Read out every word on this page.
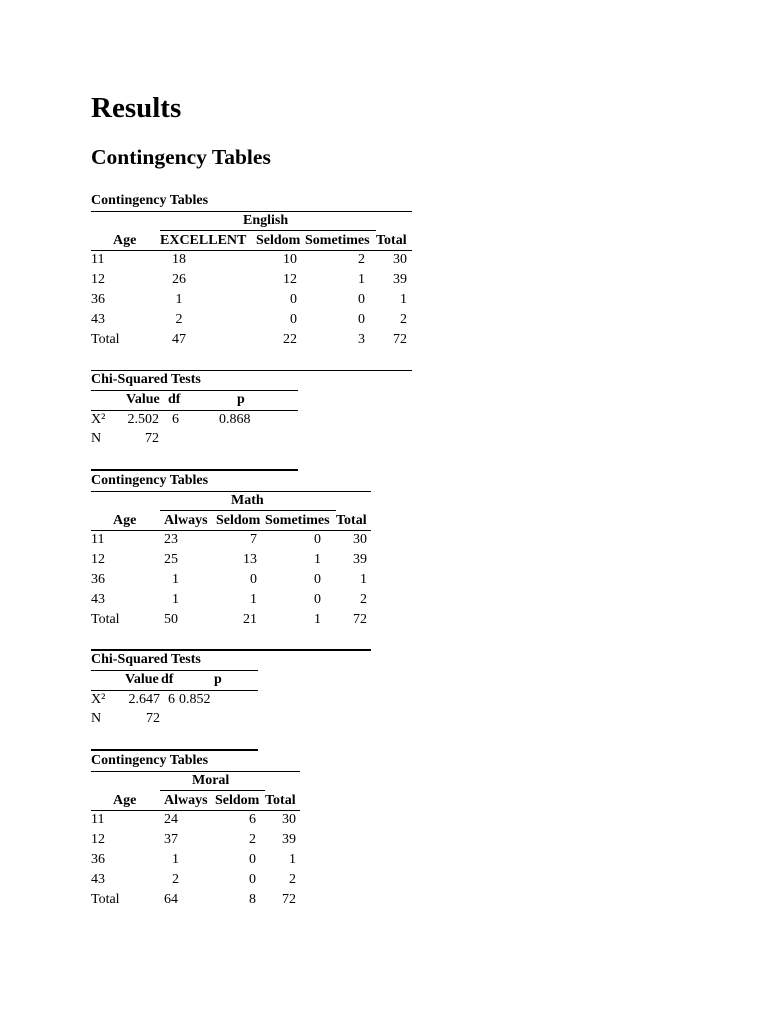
Results
Contingency Tables
Contingency Tables
English
Age EXCELLENT Seldom Sometimes Total
11	18	10	2	30
12	26	12	1	39
36	1	0	0	1
43	2	0	0	2
Total	47	22	3	72
Chi-Squared Tests
Value df	p
X²	2.502 6	0.868
N	72
Contingency Tables
Math
Age Always Seldom Sometimes Total
11	23	7	0	30
12	25	13	1	39
36	1	0	0	1
43	1	1	0	2
Total	50	21	1	72
Chi-Squared Tests
Value df	p
X²	2.647 6 0.852
N	72
Contingency Tables
Moral
Age Always Seldom Total
11	24	6	30
12	37	2	39
36	1	0	1
43	2	0	2
Total	64	8	72
